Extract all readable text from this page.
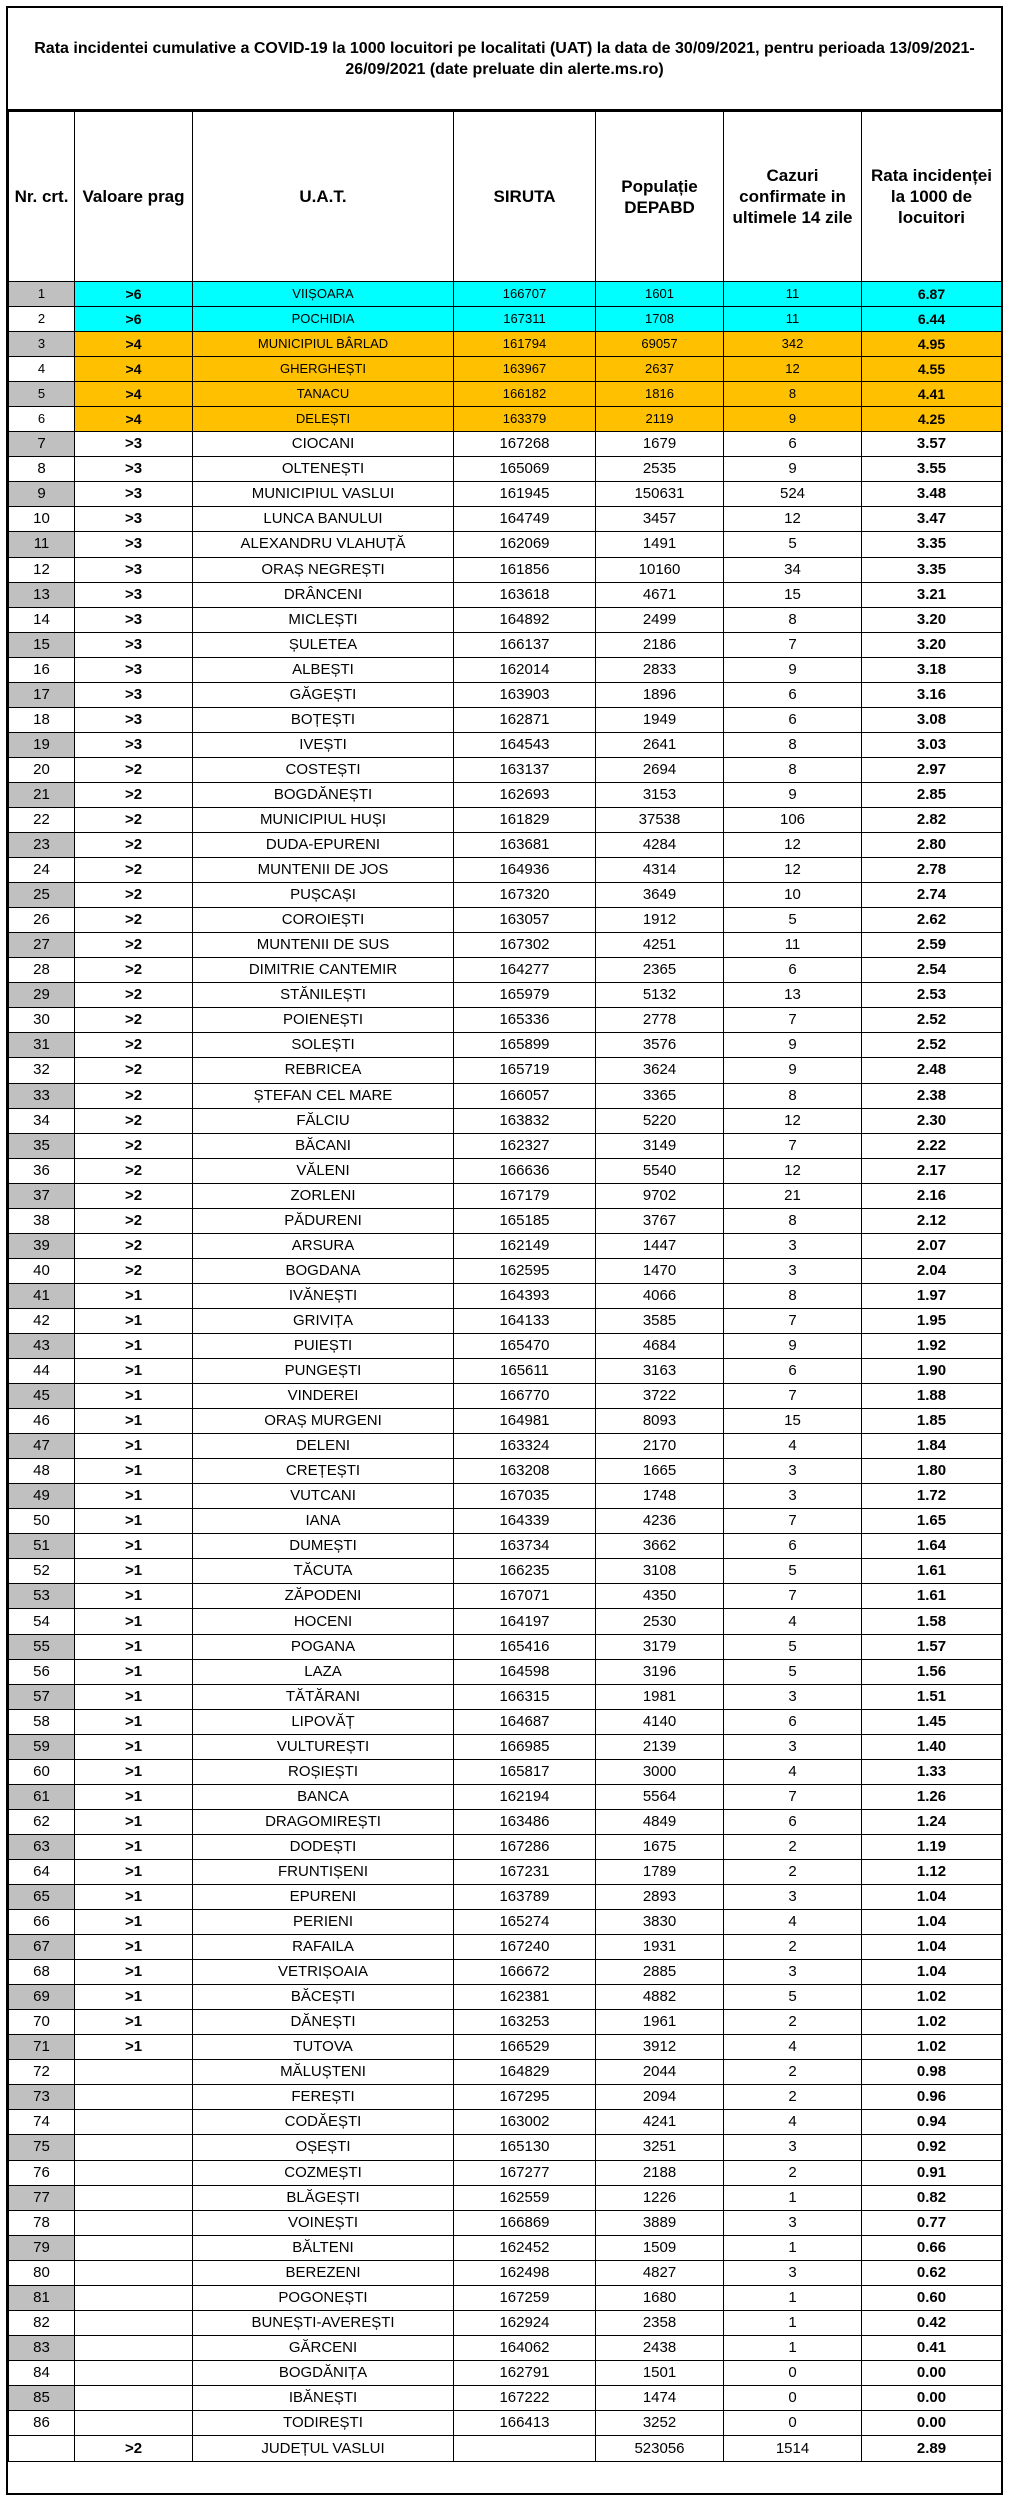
Rata incidentei cumulative a COVID-19 la 1000 locuitori pe localitati (UAT) la data de 30/09/2021, pentru perioada 13/09/2021-26/09/2021 (date preluate din alerte.ms.ro)
Nr. crt.	Valoare prag	U.A.T.	SIRUTA	Populație DEPABD	Cazuri confirmate in ultimele 14 zile	Rata incidenței la 1000 de locuitori
1	>6	VIIȘOARA	166707	1601	11	6.87
2	>6	POCHIDIA	167311	1708	11	6.44
3	>4	MUNICIPIUL BÂRLAD	161794	69057	342	4.95
4	>4	GHERGHEȘTI	163967	2637	12	4.55
5	>4	TANACU	166182	1816	8	4.41
6	>4	DELEȘTI	163379	2119	9	4.25
7	>3	CIOCANI	167268	1679	6	3.57
8	>3	OLTENEȘTI	165069	2535	9	3.55
9	>3	MUNICIPIUL VASLUI	161945	150631	524	3.48
10	>3	LUNCA BANULUI	164749	3457	12	3.47
11	>3	ALEXANDRU VLAHUȚĂ	162069	1491	5	3.35
12	>3	ORAȘ NEGREȘTI	161856	10160	34	3.35
13	>3	DRÂNCENI	163618	4671	15	3.21
14	>3	MICLEȘTI	164892	2499	8	3.20
15	>3	ȘULETEA	166137	2186	7	3.20
16	>3	ALBEȘTI	162014	2833	9	3.18
17	>3	GĂGEȘTI	163903	1896	6	3.16
18	>3	BOȚEȘTI	162871	1949	6	3.08
19	>3	IVEȘTI	164543	2641	8	3.03
20	>2	COSTEȘTI	163137	2694	8	2.97
21	>2	BOGDĂNEȘTI	162693	3153	9	2.85
22	>2	MUNICIPIUL HUȘI	161829	37538	106	2.82
23	>2	DUDA-EPURENI	163681	4284	12	2.80
24	>2	MUNTENII DE JOS	164936	4314	12	2.78
25	>2	PUȘCAȘI	167320	3649	10	2.74
26	>2	COROIEȘTI	163057	1912	5	2.62
27	>2	MUNTENII DE SUS	167302	4251	11	2.59
28	>2	DIMITRIE CANTEMIR	164277	2365	6	2.54
29	>2	STĂNILEȘTI	165979	5132	13	2.53
30	>2	POIENEȘTI	165336	2778	7	2.52
31	>2	SOLEȘTI	165899	3576	9	2.52
32	>2	REBRICEA	165719	3624	9	2.48
33	>2	ȘTEFAN CEL MARE	166057	3365	8	2.38
34	>2	FĂLCIU	163832	5220	12	2.30
35	>2	BĂCANI	162327	3149	7	2.22
36	>2	VĂLENI	166636	5540	12	2.17
37	>2	ZORLENI	167179	9702	21	2.16
38	>2	PĂDURENI	165185	3767	8	2.12
39	>2	ARSURA	162149	1447	3	2.07
40	>2	BOGDANA	162595	1470	3	2.04
41	>1	IVĂNEȘTI	164393	4066	8	1.97
42	>1	GRIVIȚA	164133	3585	7	1.95
43	>1	PUIEȘTI	165470	4684	9	1.92
44	>1	PUNGEȘTI	165611	3163	6	1.90
45	>1	VINDEREI	166770	3722	7	1.88
46	>1	ORAȘ MURGENI	164981	8093	15	1.85
47	>1	DELENI	163324	2170	4	1.84
48	>1	CREȚEȘTI	163208	1665	3	1.80
49	>1	VUTCANI	167035	1748	3	1.72
50	>1	IANA	164339	4236	7	1.65
51	>1	DUMEȘTI	163734	3662	6	1.64
52	>1	TĂCUTA	166235	3108	5	1.61
53	>1	ZĂPODENI	167071	4350	7	1.61
54	>1	HOCENI	164197	2530	4	1.58
55	>1	POGANA	165416	3179	5	1.57
56	>1	LAZA	164598	3196	5	1.56
57	>1	TĂTĂRANI	166315	1981	3	1.51
58	>1	LIPOVĂȚ	164687	4140	6	1.45
59	>1	VULTUREȘTI	166985	2139	3	1.40
60	>1	ROȘIEȘTI	165817	3000	4	1.33
61	>1	BANCA	162194	5564	7	1.26
62	>1	DRAGOMIREȘTI	163486	4849	6	1.24
63	>1	DODEȘTI	167286	1675	2	1.19
64	>1	FRUNTIȘENI	167231	1789	2	1.12
65	>1	EPURENI	163789	2893	3	1.04
66	>1	PERIENI	165274	3830	4	1.04
67	>1	RAFAILA	167240	1931	2	1.04
68	>1	VETRIȘOAIA	166672	2885	3	1.04
69	>1	BĂCEȘTI	162381	4882	5	1.02
70	>1	DĂNEȘTI	163253	1961	2	1.02
71	>1	TUTOVA	166529	3912	4	1.02
72		MĂLUȘTENI	164829	2044	2	0.98
73		FEREȘTI	167295	2094	2	0.96
74		CODĂEȘTI	163002	4241	4	0.94
75		OȘEȘTI	165130	3251	3	0.92
76		COZMEȘTI	167277	2188	2	0.91
77		BLĂGEȘTI	162559	1226	1	0.82
78		VOINEȘTI	166869	3889	3	0.77
79		BĂLTENI	162452	1509	1	0.66
80		BEREZENI	162498	4827	3	0.62
81		POGONEȘTI	167259	1680	1	0.60
82		BUNEȘTI-AVEREȘTI	162924	2358	1	0.42
83		GĂRCENI	164062	2438	1	0.41
84		BOGDĂNIȚA	162791	1501	0	0.00
85		IBĂNEȘTI	167222	1474	0	0.00
86		TODIREȘTI	166413	3252	0	0.00
	>2	JUDEȚUL VASLUI		523056	1514	2.89
